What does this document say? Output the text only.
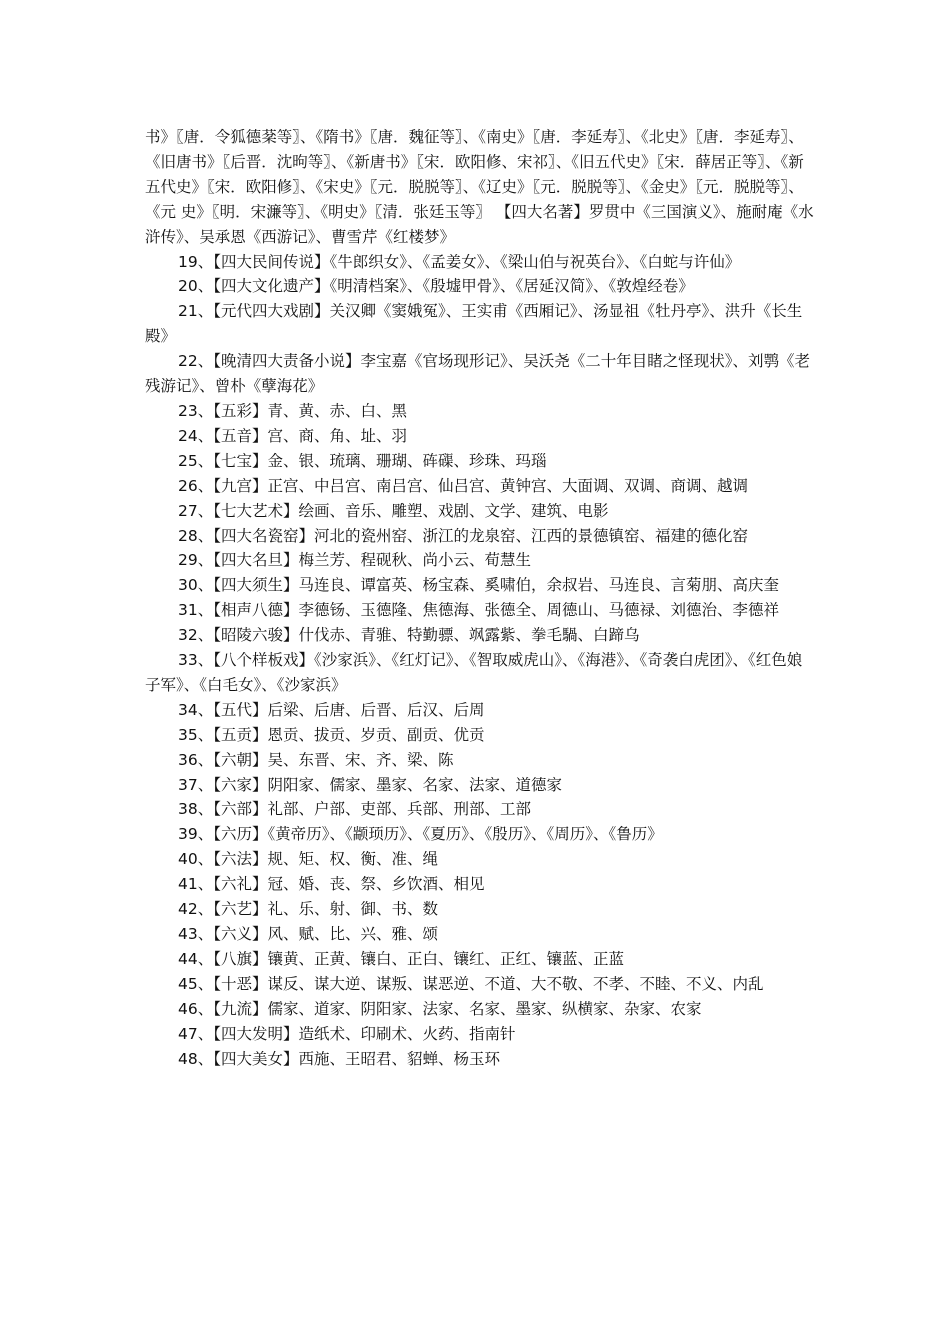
书》〖唐．令狐德棻等〗、《隋书》〖唐．魏征等〗、《南史》〖唐．李延寿〗、《北史》〖唐．李延寿〗、《旧唐书》〖后晋．沈昫等〗、《新唐书》〖宋．欧阳修、宋祁〗、《旧五代史》〖宋．薛居正等〗、《新五代史》〖宋．欧阳修〗、《宋史》〖元．脱脱等〗、《辽史》〖元．脱脱等〗、《金史》〖元．脱脱等〗、《元 史》〖明．宋濂等〗、《明史》〖清．张廷玉等〗 【四大名著】罗贯中《三国演义》、施耐庵《水浒传》、吴承恩《西游记》、曹雪芹《红楼梦》

19、【四大民间传说】《牛郎织女》、《孟姜女》、《梁山伯与祝英台》、《白蛇与许仙》

20、【四大文化遗产】《明清档案》、《殷墟甲骨》、《居延汉简》、《敦煌经卷》

21、【元代四大戏剧】关汉卿《窦娥冤》、王实甫《西厢记》、汤显祖《牡丹亭》、洪升《长生殿》

22、【晚清四大责备小说】李宝嘉《官场现形记》、吴沃尧《二十年目睹之怪现状》、刘鹗《老残游记》、曾朴《孽海花》

23、【五彩】青、黄、赤、白、黑

24、【五音】宫、商、角、址、羽

25、【七宝】金、银、琉璃、珊瑚、砗磲、珍珠、玛瑙

26、【九宫】正宫、中吕宫、南吕宫、仙吕宫、黄钟宫、大面调、双调、商调、越调

27、【七大艺术】绘画、音乐、雕塑、戏剧、文学、建筑、电影

28、【四大名瓷窑】河北的瓷州窑、浙江的龙泉窑、江西的景德镇窑、福建的德化窑

29、【四大名旦】梅兰芳、程砚秋、尚小云、荀慧生

30、【四大须生】马连良、谭富英、杨宝森、奚啸伯，余叔岩、马连良、言菊朋、高庆奎

31、【相声八德】李德钖、玉德隆、焦德海、张德全、周德山、马德禄、刘德治、李德祥

32、【昭陵六骏】什伐赤、青骓、特勤骠、飒露紫、拳毛騧、白蹄乌

33、【八个样板戏】《沙家浜》、《红灯记》、《智取威虎山》、《海港》、《奇袭白虎团》、《红色娘子军》、《白毛女》、《沙家浜》

34、【五代】后梁、后唐、后晋、后汉、后周

35、【五贡】恩贡、拔贡、岁贡、副贡、优贡

36、【六朝】吴、东晋、宋、齐、梁、陈

37、【六家】阴阳家、儒家、墨家、名家、法家、道德家

38、【六部】礼部、户部、吏部、兵部、刑部、工部

39、【六历】《黄帝历》、《颛顼历》、《夏历》、《殷历》、《周历》、《鲁历》

40、【六法】规、矩、权、衡、准、绳

41、【六礼】冠、婚、丧、祭、乡饮酒、相见

42、【六艺】礼、乐、射、御、书、数

43、【六义】风、赋、比、兴、雅、颂

44、【八旗】镶黄、正黄、镶白、正白、镶红、正红、镶蓝、正蓝

45、【十恶】谋反、谋大逆、谋叛、谋恶逆、不道、大不敬、不孝、不睦、不义、内乱

46、【九流】儒家、道家、阴阳家、法家、名家、墨家、纵横家、杂家、农家

47、【四大发明】造纸术、印刷术、火药、指南针

48、【四大美女】西施、王昭君、貂蝉、杨玉环
